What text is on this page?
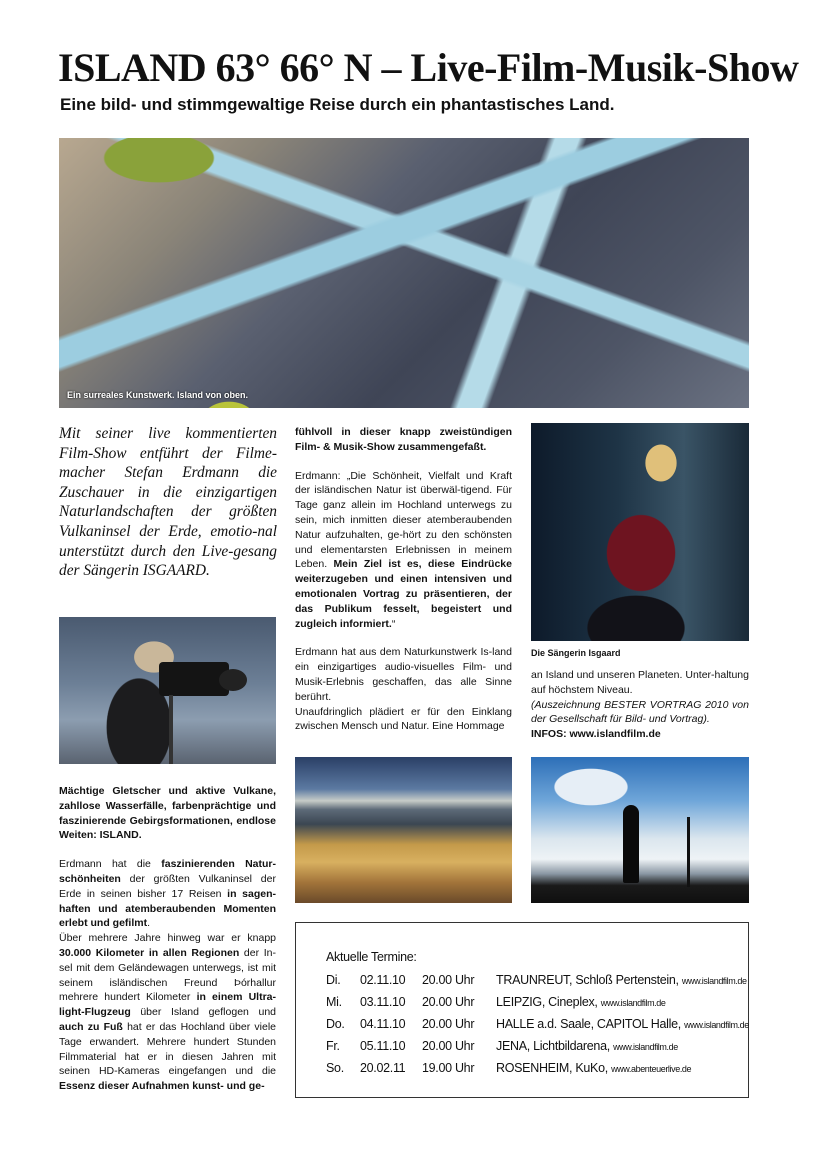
ISLAND 63° 66° N – Live-Film-Musik-Show
Eine bild- und stimmgewaltige Reise durch ein phantastisches Land.
Ein surreales Kunstwerk. Island von oben.
Mit seiner live kommentierten Film-Show entführt der Filme-macher Stefan Erdmann die Zuschauer in die einzigartigen Naturlandschaften der größten Vulkaninsel der Erde, emotio-nal unterstützt durch den Live-gesang der Sängerin ISGAARD.

Mächtige Gletscher und aktive Vulkane, zahllose Wasserfälle, farbenprächtige und faszinierende Gebirgsformationen, endlose Weiten: ISLAND.

Erdmann hat die faszinierenden Natur-schönheiten der größten Vulkaninsel der Erde in seinen bisher 17 Reisen in sagen-haften und atemberaubenden Momenten erlebt und gefilmt.

Über mehrere Jahre hinweg war er knapp 30.000 Kilometer in allen Regionen der In-sel mit dem Geländewagen unterwegs, ist mit seinem isländischen Freund Þórhallur mehrere hundert Kilometer in einem Ultra-light-Flugzeug über Island geflogen und auch zu Fuß hat er das Hochland über viele Tage erwandert. Mehrere hundert Stunden Filmmaterial hat er in diesen Jahren mit seinen HD-Kameras eingefangen und die Essenz dieser Aufnahmen kunst- und ge-

fühlvoll in dieser knapp zweistündigen Film- & Musik-Show zusammengefaßt.

Erdmann: „Die Schönheit, Vielfalt und Kraft der isländischen Natur ist überwäl-tigend. Für Tage ganz allein im Hochland unterwegs zu sein, mich inmitten dieser atemberaubenden Natur aufzuhalten, ge-hört zu den schönsten und elementarsten Erlebnissen in meinem Leben. Mein Ziel ist es, diese Eindrücke weiterzugeben und einen intensiven und emotionalen Vortrag zu präsentieren, der das Publikum fesselt, begeistert und zugleich informiert.“

Erdmann hat aus dem Naturkunstwerk Is-land ein einzigartiges audio-visuelles Film- und Musik-Erlebnis geschaffen, das alle Sinne berührt.

Unaufdringlich plädiert er für den Einklang zwischen Mensch und Natur. Eine Hommage

Die Sängerin Isgaard

an Island und unseren Planeten. Unter-haltung auf höchstem Niveau.

(Auszeichnung BESTER VORTRAG 2010 von der Gesellschaft für Bild- und Vortrag).

INFOS: www.islandfilm.de

Aktuelle Termine:
Di. 02.11.10 20.00 Uhr TRAUNREUT, Schloß Pertenstein, www.islandfilm.de
Mi. 03.11.10 20.00 Uhr LEIPZIG, Cineplex, www.islandfilm.de
Do. 04.11.10 20.00 Uhr HALLE a.d. Saale, CAPITOL Halle, www.islandfilm.de
Fr. 05.11.10 20.00 Uhr JENA, Lichtbildarena, www.islandfilm.de
So. 20.02.11 19.00 Uhr ROSENHEIM, KuKo, www.abenteuerlive.de
